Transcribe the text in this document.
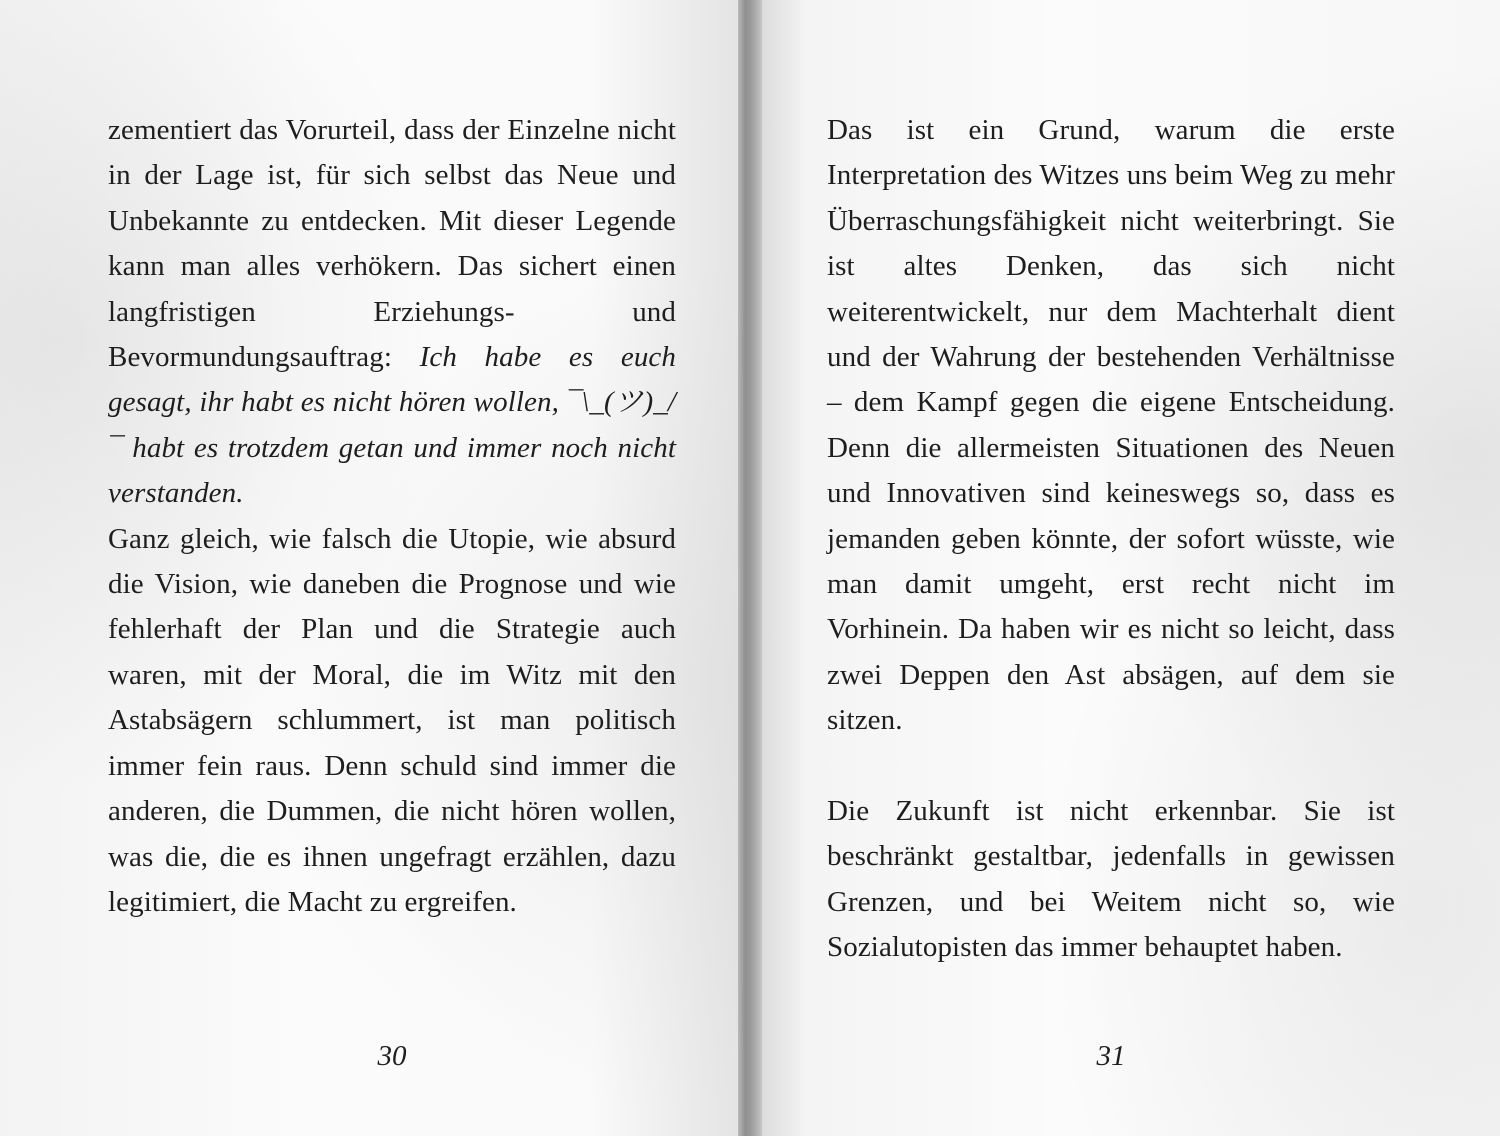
zementiert das Vorurteil, dass der Einzelne nicht in der Lage ist, für sich selbst das Neue und Unbekannte zu entdecken. Mit dieser Legende kann man alles verhökern. Das sichert einen langfristigen Erziehungs- und Bevormundungsauftrag: Ich habe es euch gesagt, ihr habt es nicht hören wollen, ¯\_(ツ)_/¯ habt es trotzdem getan und immer noch nicht verstanden.

Ganz gleich, wie falsch die Utopie, wie absurd die Vision, wie daneben die Prognose und wie fehlerhaft der Plan und die Strategie auch waren, mit der Moral, die im Witz mit den Astabsägern schlummert, ist man politisch immer fein raus. Denn schuld sind immer die anderen, die Dummen, die nicht hören wollen, was die, die es ihnen ungefragt erzählen, dazu legitimiert, die Macht zu ergreifen.

30

Das ist ein Grund, warum die erste Interpretation des Witzes uns beim Weg zu mehr Überraschungsfähigkeit nicht weiterbringt. Sie ist altes Denken, das sich nicht weiterentwickelt, nur dem Machterhalt dient und der Wahrung der bestehenden Verhältnisse – dem Kampf gegen die eigene Entscheidung. Denn die allermeisten Situationen des Neuen und Innovativen sind keineswegs so, dass es jemanden geben könnte, der sofort wüsste, wie man damit umgeht, erst recht nicht im Vorhinein. Da haben wir es nicht so leicht, dass zwei Deppen den Ast absägen, auf dem sie sitzen.

Die Zukunft ist nicht erkennbar. Sie ist beschränkt gestaltbar, jedenfalls in gewissen Grenzen, und bei Weitem nicht so, wie Sozialutopisten das immer behauptet haben.

31
